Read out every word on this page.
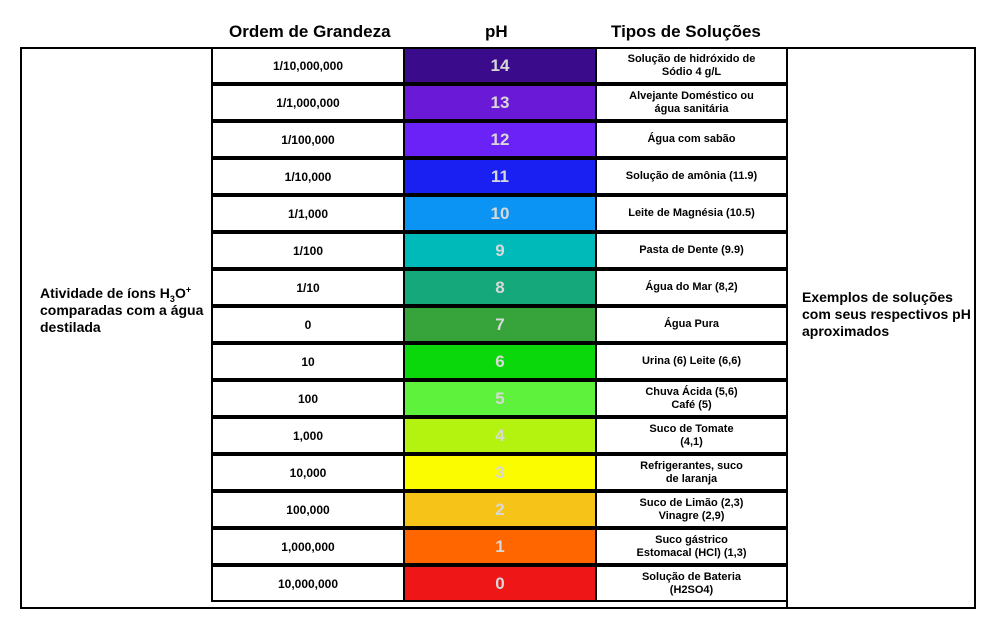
Ordem de Grandeza	pH	Tipos de Soluções
Atividade de íons $H_3O^+$ comparadas com a água destilada
Exemplos de soluções com seus respectivos pH aproximados
1/10,000,000	14	Solução de hidróxido de
Sódio 4 g/L
1/1,000,000	13	Alvejante Doméstico ou
água sanitária
1/100,000	12	Água com sabão
1/10,000	11	Solução de amônia (11.9)
1/1,000	10	Leite de Magnésia (10.5)
1/100	9	Pasta de Dente (9.9)
1/10	8	Água do Mar (8,2)
0	7	Água Pura
10	6	Urina (6) Leite (6,6)
100	5	Chuva Ácida (5,6)
Café (5)
1,000	4	Suco de Tomate
(4,1)
10,000	3	Refrigerantes, suco
de laranja
100,000	2	Suco de Limão (2,3)
Vinagre (2,9)
1,000,000	1	Suco gástrico
Estomacal (HCl) (1,3)
10,000,000	0	Solução de Bateria
(H2SO4)
